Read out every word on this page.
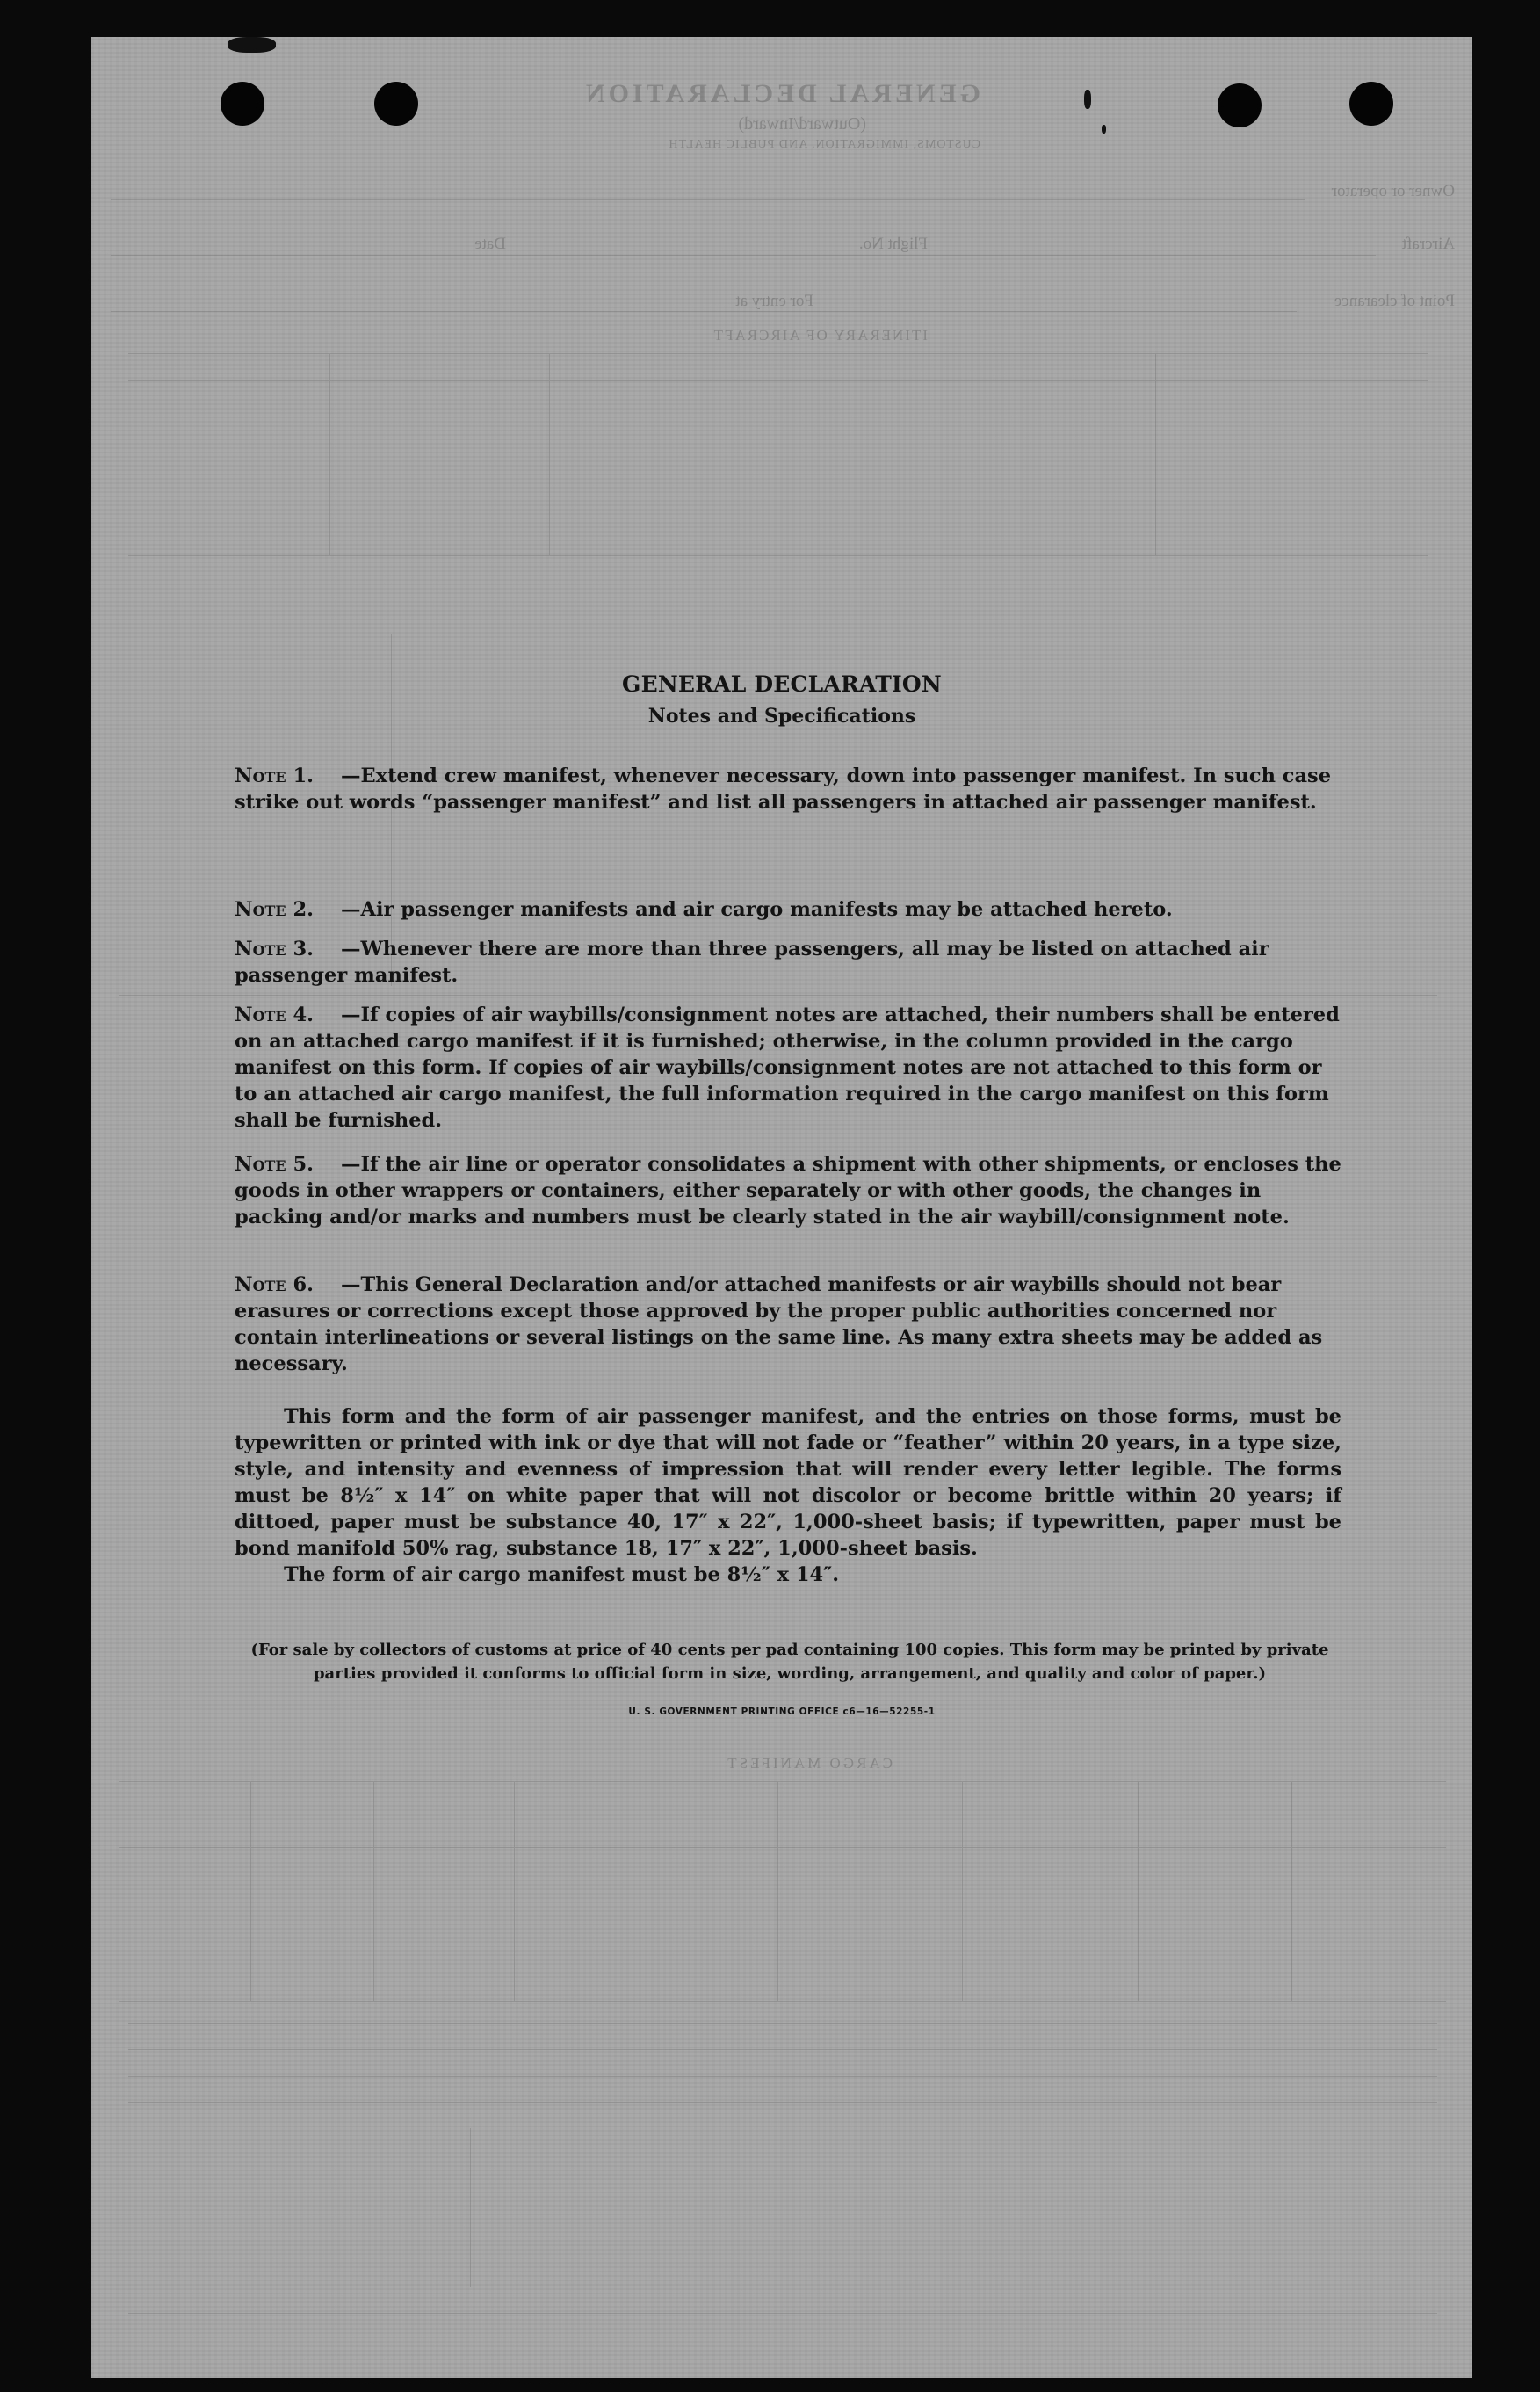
GENERAL DECLARATION
(Outward/Inward)
CUSTOMS, IMMIGRATION, AND PUBLIC HEALTH
Owner or operator
Aircraft
Flight No.
Date
Point of clearance
For entry at
ITINERARY OF AIRCRAFT
CARGO MANIFEST
GENERAL DECLARATION
Notes and Specifications
Note 1.	—Extend crew manifest, whenever necessary, down into passenger manifest. In such case strike out words “passenger manifest” and list all passengers in attached air passenger manifest.
Note 2.	—Air passenger manifests and air cargo manifests may be attached hereto.
Note 3.	—Whenever there are more than three passengers, all may be listed on attached air passenger manifest.
Note 4.	—If copies of air waybills/consignment notes are attached, their numbers shall be entered on an attached cargo manifest if it is furnished; otherwise, in the column provided in the cargo manifest on this form. If copies of air waybills/consignment notes are not attached to this form or to an attached air cargo manifest, the full information required in the cargo manifest on this form shall be furnished.
Note 5.	—If the air line or operator consolidates a shipment with other shipments, or encloses the goods in other wrappers or containers, either separately or with other goods, the changes in packing and/or marks and numbers must be clearly stated in the air waybill/consignment note.
Note 6.	—This General Declaration and/or attached manifests or air waybills should not bear erasures or corrections except those approved by the proper public authorities concerned nor contain interlineations or several listings on the same line. As many extra sheets may be added as necessary.
This form and the form of air passenger manifest, and the entries on those forms, must be typewritten or printed with ink or dye that will not fade or “feather” within 20 years, in a type size, style, and intensity and evenness of impression that will render every letter legible. The forms must be 8½″ x 14″ on white paper that will not discolor or become brittle within 20 years; if dittoed, paper must be substance 40, 17″ x 22″, 1,000-sheet basis; if typewritten, paper must be bond manifold 50% rag, substance 18, 17″ x 22″, 1,000-sheet basis.
The form of air cargo manifest must be 8½″ x 14″.
(For sale by collectors of customs at price of 40 cents per pad containing 100 copies. This form may be printed by private parties provided it conforms to official form in size, wording, arrangement, and quality and color of paper.)
U. S. GOVERNMENT PRINTING OFFICE c6—16—52255-1
